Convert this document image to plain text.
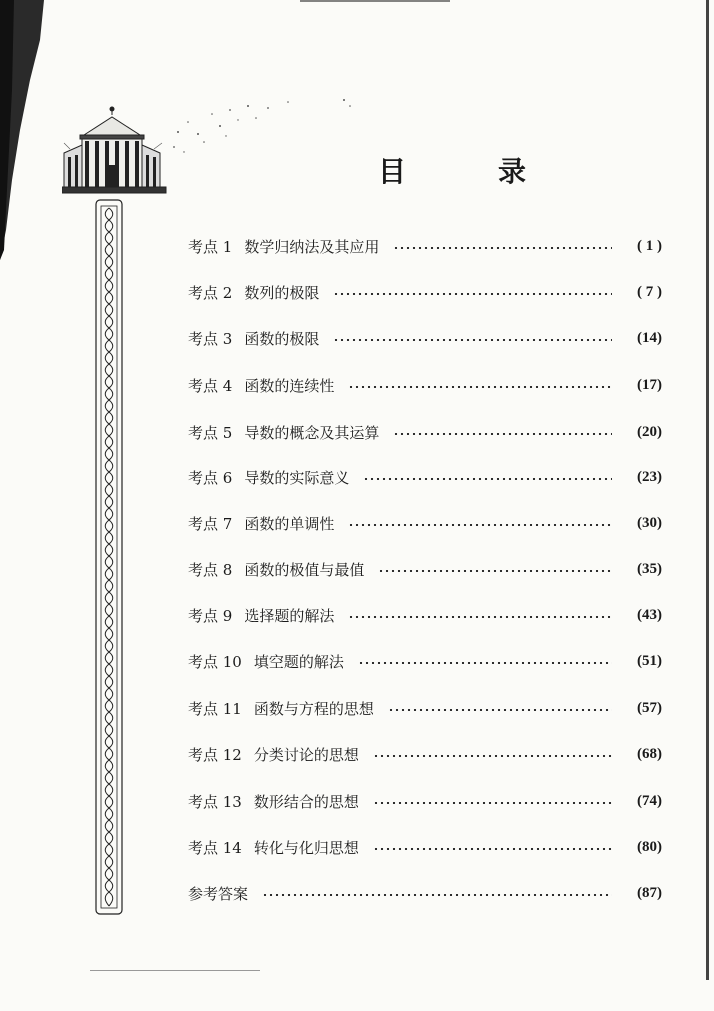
目　录
考点 1 数学归纳法及其应用	( 1 )
考点 2 数列的极限	( 7 )
考点 3 函数的极限	(14)
考点 4 函数的连续性	(17)
考点 5 导数的概念及其运算	(20)
考点 6 导数的实际意义	(23)
考点 7 函数的单调性	(30)
考点 8 函数的极值与最值	(35)
考点 9 选择题的解法	(43)
考点 10 填空题的解法	(51)
考点 11 函数与方程的思想	(57)
考点 12 分类讨论的思想	(68)
考点 13 数形结合的思想	(74)
考点 14 转化与化归思想	(80)
参考答案	(87)
